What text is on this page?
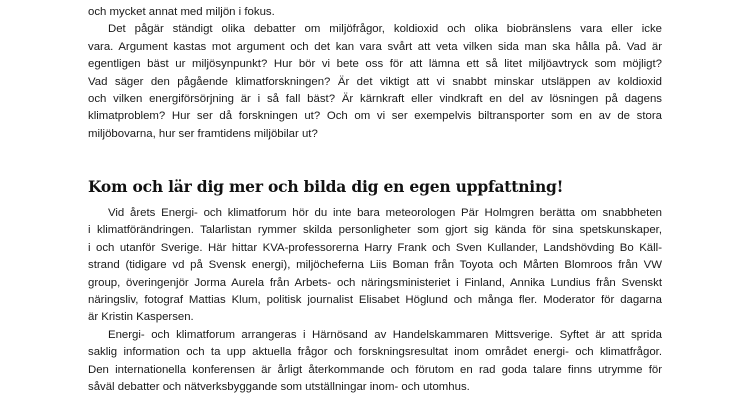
och mycket annat med miljön i fokus.
Det pågär ständigt olika debatter om miljöfrågor, koldioxid och olika biobränslens vara eller icke
vara. Argument kastas mot argument och det kan vara svårt att veta vilken sida man ska hålla på. Vad är
egentligen bäst ur miljösynpunkt? Hur bör vi bete oss för att lämna ett så litet miljöavtryck som möjligt?
Vad säger den pågående klimatforskningen? Är det viktigt att vi snabbt minskar utsläppen av koldioxid
och vilken energiförsörjning är i så fall bäst? Är kärnkraft eller vindkraft en del av lösningen på dagens
klimatproblem? Hur ser då forskningen ut? Och om vi ser exempelvis biltransporter som en av de stora
miljöbovarna, hur ser framtidens miljöbilar ut?
Kom och lär dig mer och bilda dig en egen uppfattning!
Vid årets Energi- och klimatforum hör du inte bara meteorologen Pär Holmgren berätta om snabbheten
i klimatförändringen. Talarlistan rymmer skilda personligheter som gjort sig kända för sina spetskunskaper,
i och utanför Sverige. Här hittar KVA-professorerna Harry Frank och Sven Kullander, Landshövding Bo Käll-
strand (tidigare vd på Svensk energi), miljöcheferna Liis Boman från Toyota och Mårten Blomroos från VW
group, överingenjör Jorma Aurela från Arbets- och näringsministeriet i Finland, Annika Lundius från Svenskt
näringsliv, fotograf Mattias Klum, politisk journalist Elisabet Höglund och många fler. Moderator för dagarna
är Kristin Kaspersen.
Energi- och klimatforum arrangeras i Härnösand av Handelskammaren Mittsverige. Syftet är att sprida
saklig information och ta upp aktuella frågor och forskningsresultat inom området energi- och klimatfrågor.
Den internationella konferensen är årligt återkommande och förutom en rad goda talare finns utrymme för
såväl debatter och nätverksbyggande som utställningar inom- och utomhus.
